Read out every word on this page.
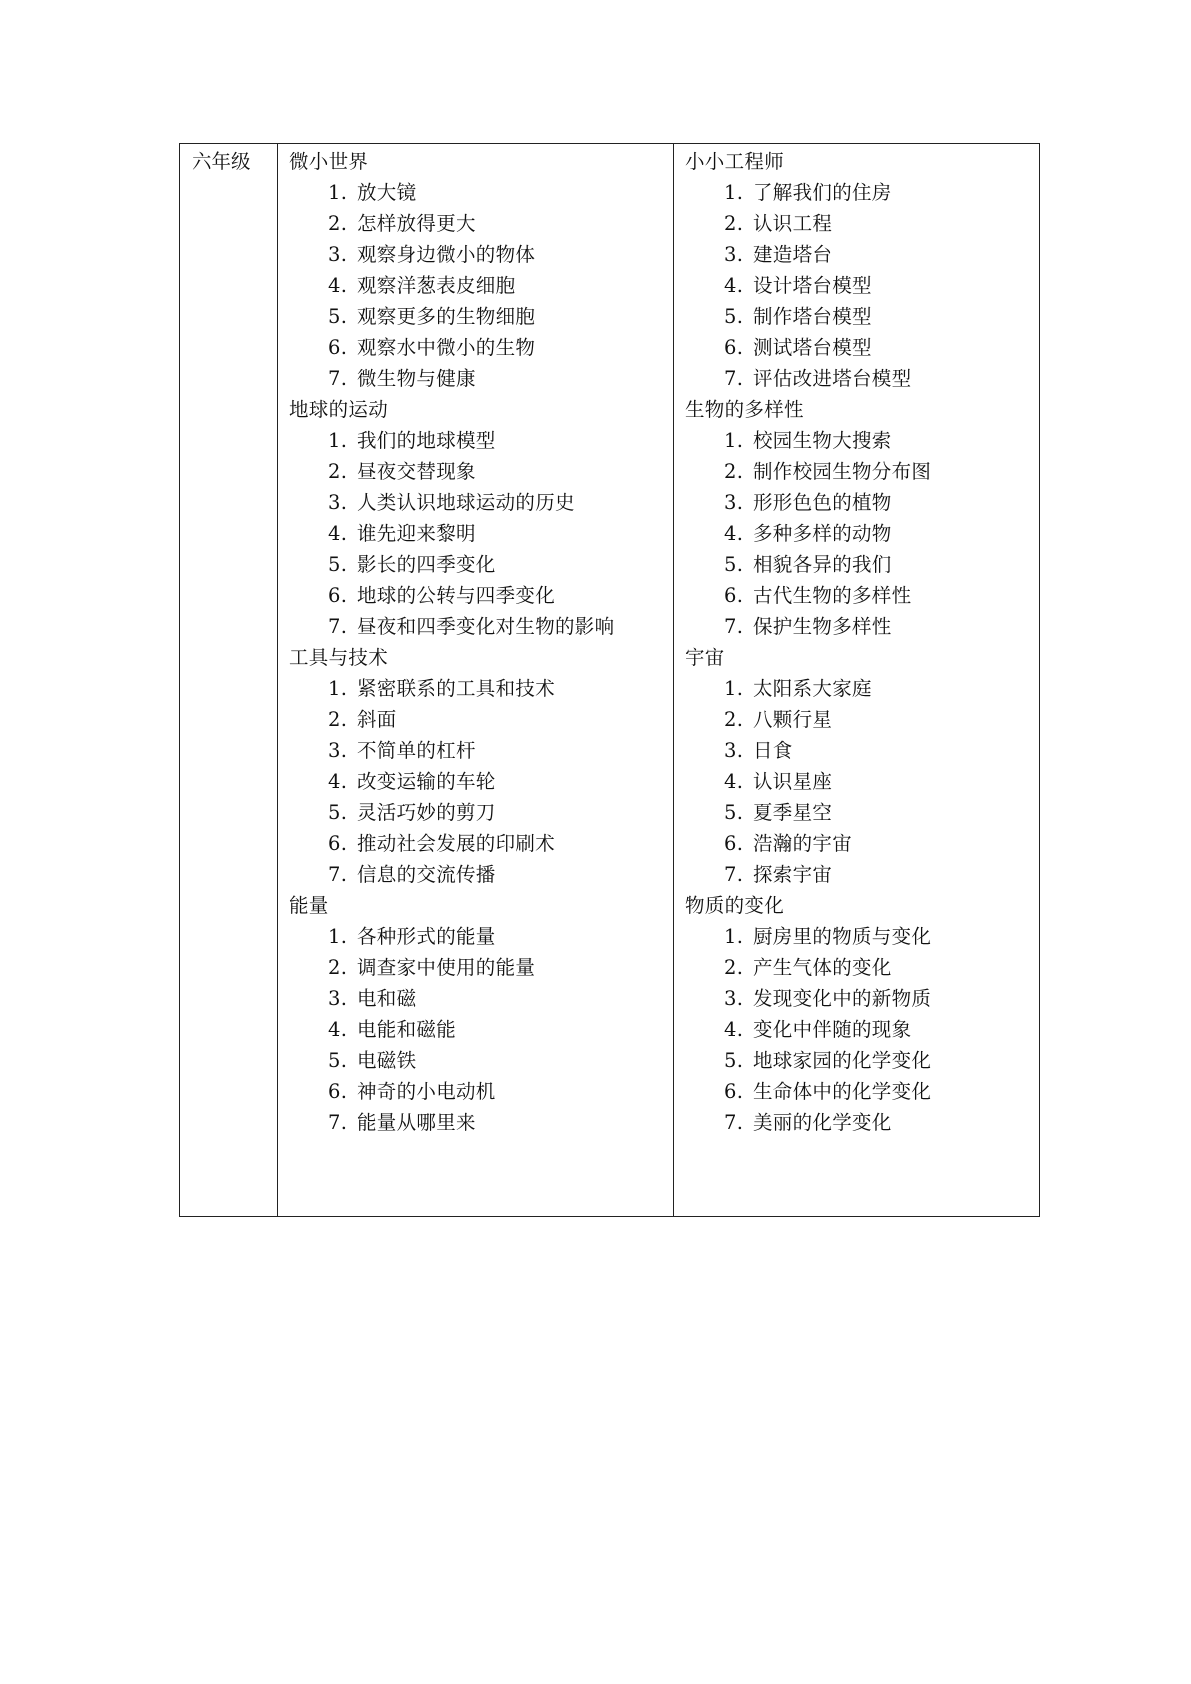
六年级	微小世界
1. 放大镜
2. 怎样放得更大
3. 观察身边微小的物体
4. 观察洋葱表皮细胞
5. 观察更多的生物细胞
6. 观察水中微小的生物
7. 微生物与健康
地球的运动
1. 我们的地球模型
2. 昼夜交替现象
3. 人类认识地球运动的历史
4. 谁先迎来黎明
5. 影长的四季变化
6. 地球的公转与四季变化
7. 昼夜和四季变化对生物的影响
工具与技术
1. 紧密联系的工具和技术
2. 斜面
3. 不简单的杠杆
4. 改变运输的车轮
5. 灵活巧妙的剪刀
6. 推动社会发展的印刷术
7. 信息的交流传播
能量
1. 各种形式的能量
2. 调查家中使用的能量
3. 电和磁
4. 电能和磁能
5. 电磁铁
6. 神奇的小电动机
7. 能量从哪里来
小小工程师
1. 了解我们的住房
2. 认识工程
3. 建造塔台
4. 设计塔台模型
5. 制作塔台模型
6. 测试塔台模型
7. 评估改进塔台模型
生物的多样性
1. 校园生物大搜索
2. 制作校园生物分布图
3. 形形色色的植物
4. 多种多样的动物
5. 相貌各异的我们
6. 古代生物的多样性
7. 保护生物多样性
宇宙
1. 太阳系大家庭
2. 八颗行星
3. 日食
4. 认识星座
5. 夏季星空
6. 浩瀚的宇宙
7. 探索宇宙
物质的变化
1. 厨房里的物质与变化
2. 产生气体的变化
3. 发现变化中的新物质
4. 变化中伴随的现象
5. 地球家园的化学变化
6. 生命体中的化学变化
7. 美丽的化学变化
